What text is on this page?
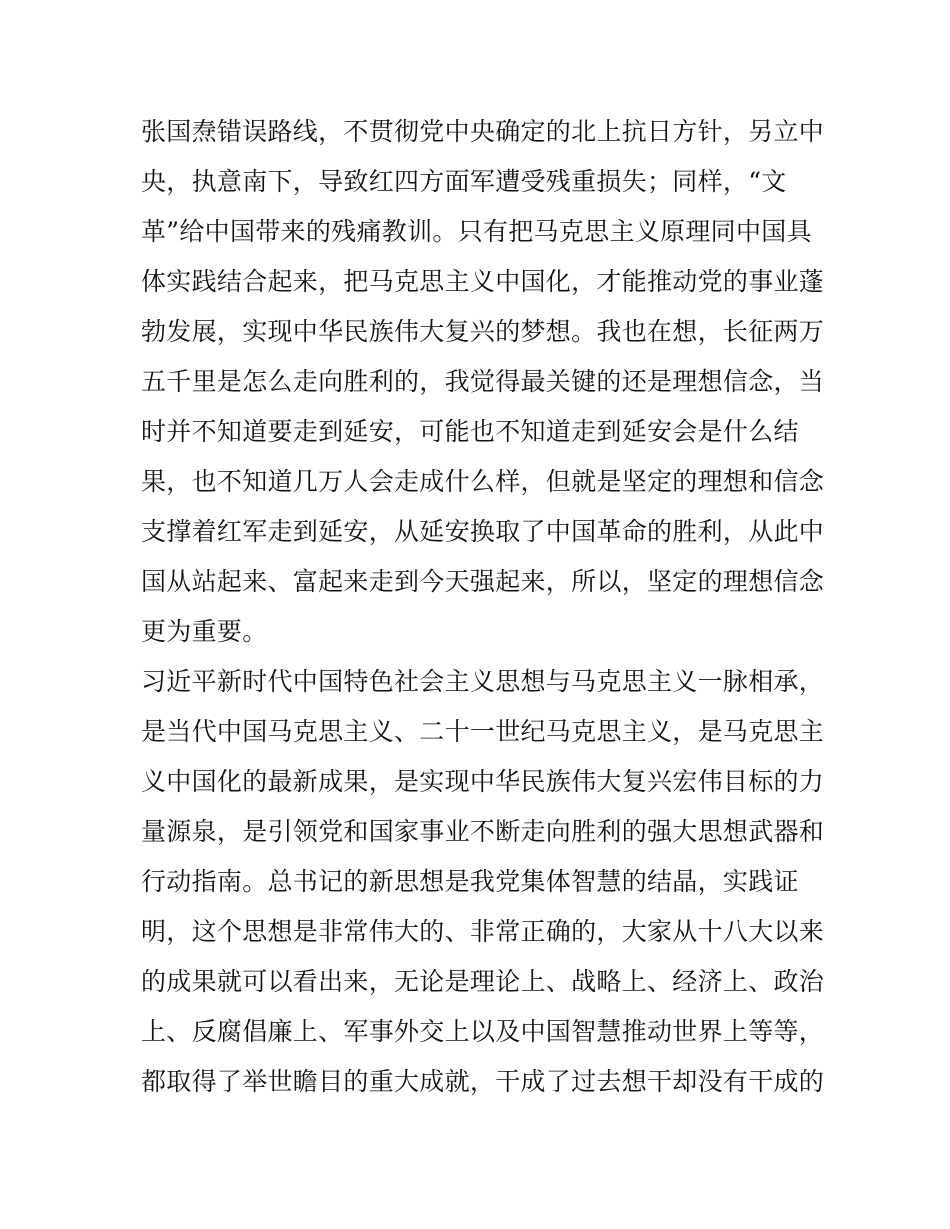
张国焘错误路线，不贯彻党中央确定的北上抗日方针，另立中
央，执意南下，导致红四方面军遭受残重损失；同样，“文
革”给中国带来的残痛教训。只有把马克思主义原理同中国具
体实践结合起来，把马克思主义中国化，才能推动党的事业蓬
勃发展，实现中华民族伟大复兴的梦想。我也在想，长征两万
五千里是怎么走向胜利的，我觉得最关键的还是理想信念，当
时并不知道要走到延安，可能也不知道走到延安会是什么结
果，也不知道几万人会走成什么样，但就是坚定的理想和信念
支撑着红军走到延安，从延安换取了中国革命的胜利，从此中
国从站起来、富起来走到今天强起来，所以，坚定的理想信念
更为重要。
习近平新时代中国特色社会主义思想与马克思主义一脉相承，
是当代中国马克思主义、二十一世纪马克思主义，是马克思主
义中国化的最新成果，是实现中华民族伟大复兴宏伟目标的力
量源泉，是引领党和国家事业不断走向胜利的强大思想武器和
行动指南。总书记的新思想是我党集体智慧的结晶，实践证
明，这个思想是非常伟大的、非常正确的，大家从十八大以来
的成果就可以看出来，无论是理论上、战略上、经济上、政治
上、反腐倡廉上、军事外交上以及中国智慧推动世界上等等，
都取得了举世瞻目的重大成就，干成了过去想干却没有干成的
